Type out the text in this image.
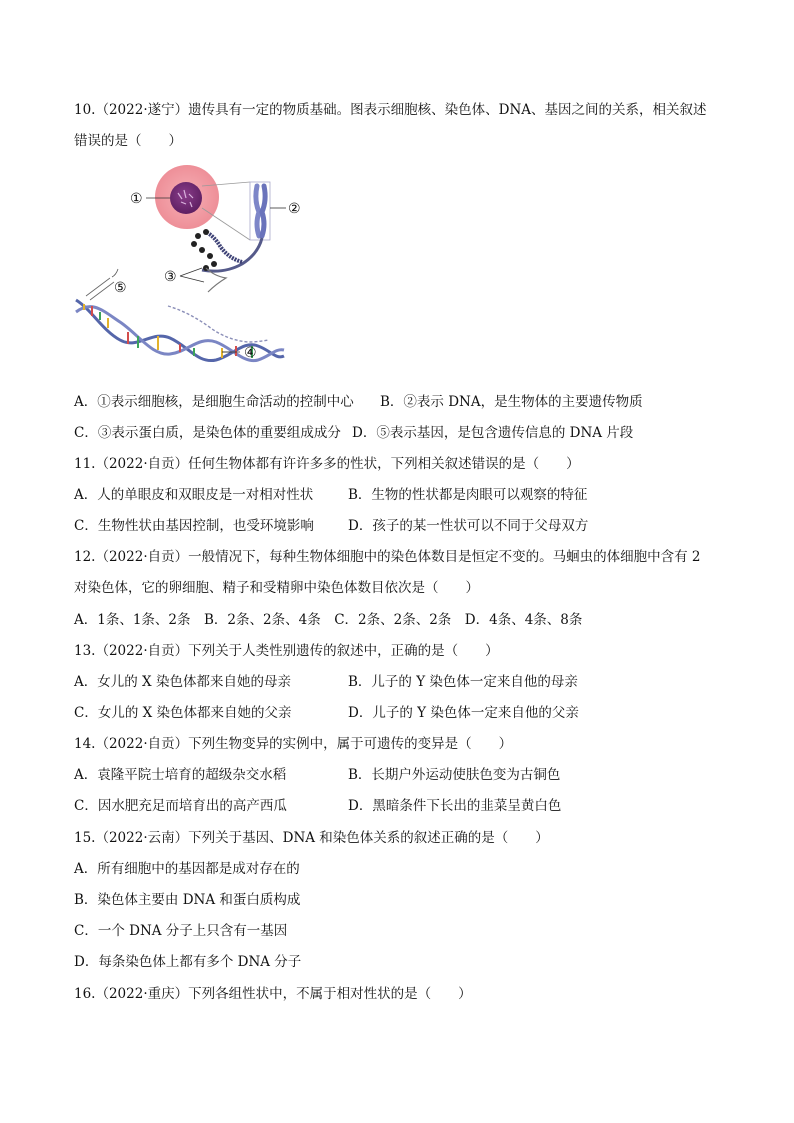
10.（2022·遂宁）遗传具有一定的物质基础。图表示细胞核、染色体、DNA、基因之间的关系，相关叙述
错误的是（　　）
①
②
③
④
⑤
A．①表示细胞核，是细胞生命活动的控制中心 B．②表示 DNA，是生物体的主要遗传物质
C．③表示蛋白质，是染色体的重要组成成分 D．⑤表示基因，是包含遗传信息的 DNA 片段
11.（2022·自贡）任何生物体都有许许多多的性状，下列相关叙述错误的是（　　）
A．人的单眼皮和双眼皮是一对相对性状	B．生物的性状都是肉眼可以观察的特征
C．生物性状由基因控制，也受环境影响	D．孩子的某一性状可以不同于父母双方
12.（2022·自贡）一般情况下，每种生物体细胞中的染色体数目是恒定不变的。马蛔虫的体细胞中含有 2
对染色体，它的卵细胞、精子和受精卵中染色体数目依次是（　　）
A．1条、1条、2条　B．2条、2条、4条　C．2条、2条、2条　D．4条、4条、8条
13.（2022·自贡）下列关于人类性别遗传的叙述中，正确的是（　　）
A．女儿的 X 染色体都来自她的母亲	B．儿子的 Y 染色体一定来自他的母亲
C．女儿的 X 染色体都来自她的父亲	D．儿子的 Y 染色体一定来自他的父亲
14.（2022·自贡）下列生物变异的实例中，属于可遗传的变异是（　　）
A．袁隆平院士培育的超级杂交水稻	B．长期户外运动使肤色变为古铜色
C．因水肥充足而培育出的高产西瓜	D．黑暗条件下长出的韭菜呈黄白色
15.（2022·云南）下列关于基因、DNA 和染色体关系的叙述正确的是（　　）
A．所有细胞中的基因都是成对存在的
B．染色体主要由 DNA 和蛋白质构成
C．一个 DNA 分子上只含有一基因
D．每条染色体上都有多个 DNA 分子
16.（2022·重庆）下列各组性状中，不属于相对性状的是（　　）
